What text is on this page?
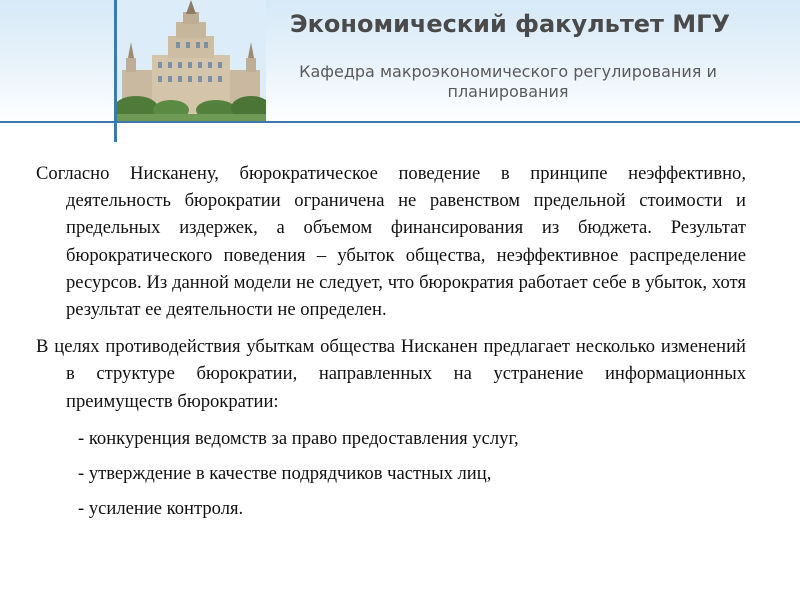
Экономический факультет МГУ
Кафедра макроэкономического регулирования и
планирования

Согласно Нисканену, бюрократическое поведение в принципе неэффективно, деятельность бюрократии ограничена не равенством предельной стоимости и предельных издержек, а объемом финансирования из бюджета. Результат бюрократического поведения – убыток общества, неэффективное распределение ресурсов. Из данной модели не следует, что бюрократия работает себе в убыток, хотя результат ее деятельности не определен.

В целях противодействия убыткам общества Нисканен предлагает несколько изменений в структуре бюрократии, направленных на устранение информационных преимуществ бюрократии:

- конкуренция ведомств за право предоставления услуг,
- утверждение в качестве подрядчиков частных лиц,
- усиление контроля.
